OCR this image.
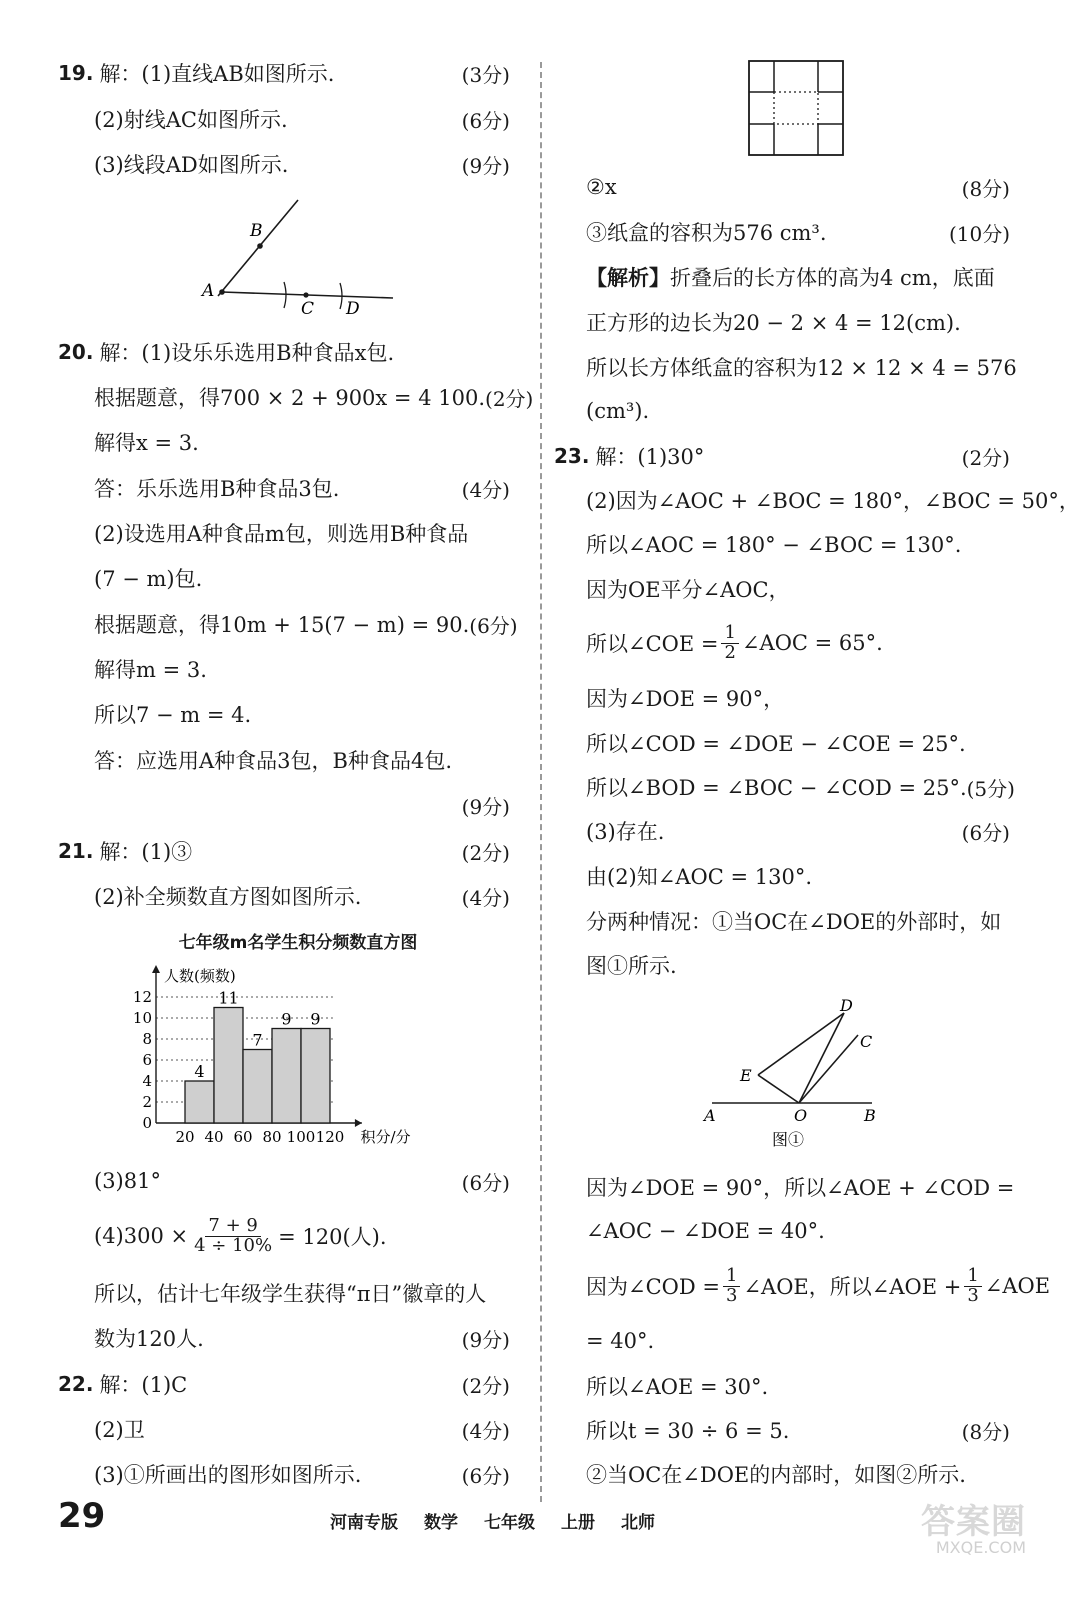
19. 解：(1)直线AB如图所示.	(3分)
(2)射线AC如图所示.	(6分)
(3)线段AD如图所示.	(9分)
B
A
C D
20. 解：(1)设乐乐选用B种食品x包.
根据题意，得700 × 2 + 900x = 4 100. (2分)
解得x = 3.
答：乐乐选用B种食品3包.	(4分)
(2)设选用A种食品m包，则选用B种食品
(7 − m)包.
根据题意，得10m + 15(7 − m) = 90. (6分)
解得m = 3.
所以7 − m = 4.
答：应选用A种食品3包，B种食品4包.
(9分)
21. 解：(1)③	(2分)
(2)补全频数直方图如图所示.	(4分)
七年级m名学生积分频数直方图
4
11
7
9 9
0
2
4
6
8
10
12
20 40 60 80 100 120 积分/分
人数(频数)
(3)81°	(6分)
$(4)300 \times \frac{7 + 9}{4 \div 10\%} = 120$(人).
所以，估计七年级学生获得“π日”徽章的人
数为120人.	(9分)
22. 解：(1)C	(2分)
(2)卫	(4分)
(3)①所画出的图形如图所示.	(6分)
②x	(8分)
③纸盒的容积为576 cm³.	(10分)
【解析】 折叠后的长方体的高为4 cm，底面
正方形的边长为20 − 2 × 4 = 12(cm).
所以长方体纸盒的容积为12 × 12 × 4 = 576
(cm³).
23. 解：(1)30°	(2分)
(2)因为∠AOC + ∠BOC = 180°，∠BOC = 50°，
所以∠AOC = 180° − ∠BOC = 130°.
因为OE平分∠AOC，
所以∠COE = $\frac{1}{2}$ ∠AOC = 65°.
因为∠DOE = 90°，
所以∠COD = ∠DOE − ∠COE = 25°.
所以∠BOD = ∠BOC − ∠COD = 25°. (5分)
(3)存在.	(6分)
由(2)知∠AOC = 130°.
分两种情况：①当OC在∠DOE的外部时，如
图①所示.
D
C
E
A	O	B
图①
因为∠DOE = 90°，所以∠AOE + ∠COD =
∠AOC − ∠DOE = 40°.
因为∠COD = $\frac{1}{3}$ ∠AOE，所以∠AOE + $\frac{1}{3}$ ∠AOE
= 40°.
所以∠AOE = 30°.
所以t = 30 ÷ 6 = 5.	(8分)
②当OC在∠DOE的内部时，如图②所示.
29	河南专版 数学 七年级 上册 北师	答案圈
MXQE.COM
